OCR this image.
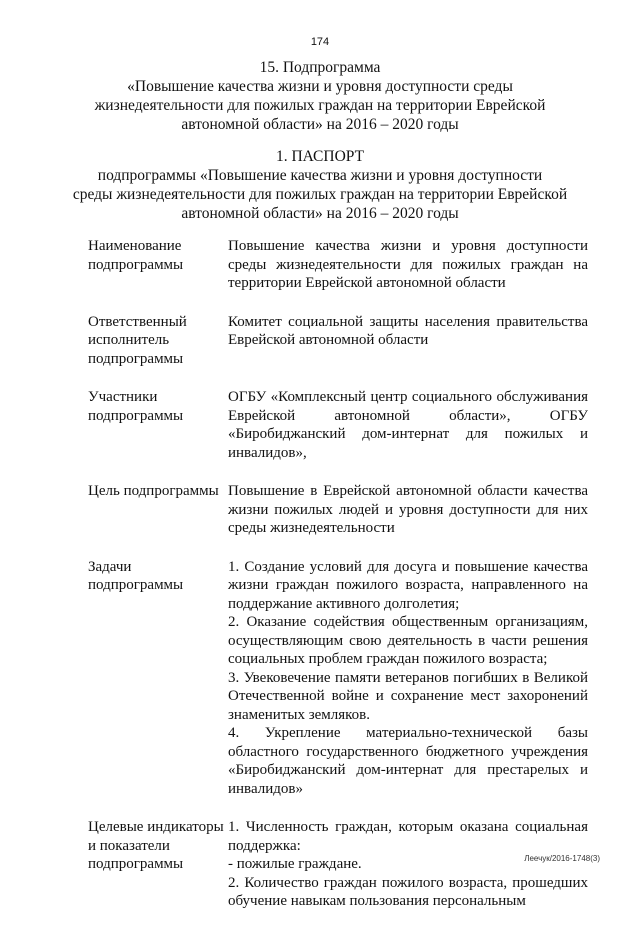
174
15. Подпрограмма
«Повышение качества жизни и уровня доступности среды
жизнедеятельности для пожилых граждан на территории Еврейской
автономной области» на 2016 – 2020 годы
1. ПАСПОРТ
подпрограммы «Повышение качества жизни и уровня доступности
среды жизнедеятельности для пожилых граждан на территории Еврейской
автономной области» на 2016 – 2020 годы
Наименование подпрограммы	Повышение качества жизни и уровня доступности среды жизнедеятельности для пожилых граждан на территории Еврейской автономной области

Ответственный исполнитель подпрограммы	Комитет социальной защиты населения правительства Еврейской автономной области

Участники подпрограммы	ОГБУ «Комплексный центр социального обслуживания Еврейской автономной области», ОГБУ «Биробиджанский дом-интернат для пожилых и инвалидов»,

Цель подпрограммы	Повышение в Еврейской автономной области качества жизни пожилых людей и уровня доступности для них среды жизнедеятельности

Задачи подпрограммы	1. Создание условий для досуга и повышение качества жизни граждан пожилого возраста, направленного на поддержание активного долголетия;

2. Оказание содействия общественным организациям, осуществляющим свою деятельность в части решения социальных проблем граждан пожилого возраста;

3. Увековечение памяти ветеранов погибших в Великой Отечественной войне и сохранение мест захоронений знаменитых земляков.

4. Укрепление материально-технической базы областного государственного бюджетного учреждения «Биробиджанский дом-интернат для престарелых и инвалидов»

Целевые индикаторы и показатели подпрограммы	1. Численность граждан, которым оказана социальная поддержка:

- пожилые граждане.

2. Количество граждан пожилого возраста, прошедших обучение навыкам пользования персональным

Леечук/2016-1748(3)
